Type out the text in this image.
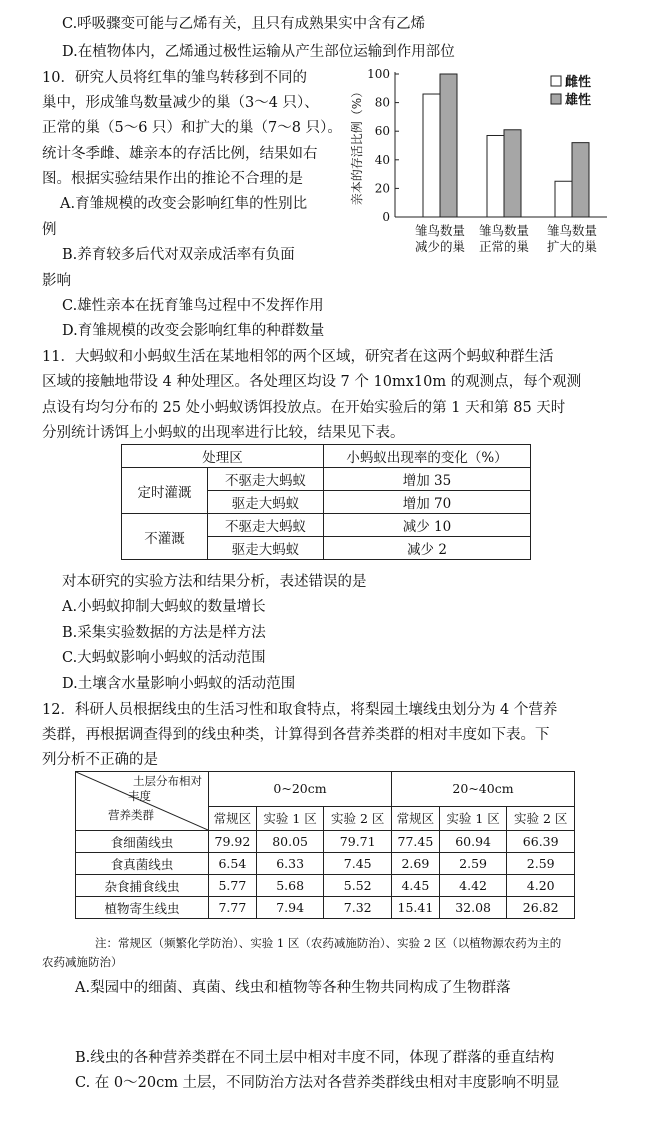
C.呼吸骤变可能与乙烯有关，且只有成熟果实中含有乙烯
D.在植物体内，乙烯通过极性运输从产生部位运输到作用部位
10．研究人员将红隼的雏鸟转移到不同的
巢中，形成雏鸟数量减少的巢（3～4 只）、
正常的巢（5～6 只）和扩大的巢（7～8 只）。
统计冬季雌、雄亲本的存活比例，结果如右
图。根据实验结果作出的推论不合理的是
A.育雏规模的改变会影响红隼的性别比
例
B.养育较多后代对双亲成活率有负面
影响
C.雄性亲本在抚育雏鸟过程中不发挥作用
D.育雏规模的改变会影响红隼的种群数量
0
20
40
60
80
100
亲本的存活比例（%）
雏鸟数量
减少的巢
雏鸟数量
正常的巢
雏鸟数量
扩大的巢
雌性
雄性
11．大蚂蚁和小蚂蚁生活在某地相邻的两个区域，研究者在这两个蚂蚁种群生活
区域的接触地带设 4 种处理区。各处理区均设 7 个 10mx10m 的观测点，每个观测
点设有均匀分布的 25 处小蚂蚁诱饵投放点。在开始实验后的第 1 天和第 85 天时
分别统计诱饵上小蚂蚁的出现率进行比较，结果见下表。
处理区		小蚂蚁出现率的变化（%）
定时灌溉	不驱走大蚂蚁	增加 35
	驱走大蚂蚁	增加 70
不灌溉	不驱走大蚂蚁	减少 10
	驱走大蚂蚁	减少 2
对本研究的实验方法和结果分析，表述错误的是
A.小蚂蚁抑制大蚂蚁的数量增长
B.采集实验数据的方法是样方法
C.大蚂蚁影响小蚂蚁的活动范围
D.土壤含水量影响小蚂蚁的活动范围
12．科研人员根据线虫的生活习性和取食特点，将梨园土壤线虫划分为 4 个营养
类群，再根据调查得到的线虫种类，计算得到各营养类群的相对丰度如下表。下
列分析不正确的是
土层分布相对
丰度
营养类群	0~20cm			20~40cm		
	常规区	实验 1 区	实验 2 区	常规区	实验 1 区	实验 2 区
食细菌线虫	79.92	80.05	79.71	77.45	60.94	66.39
食真菌线虫	6.54	6.33	7.45	2.69	2.59	2.59
杂食捕食线虫	5.77	5.68	5.52	4.45	4.42	4.20
植物寄生线虫	7.77	7.94	7.32	15.41	32.08	26.82
注：常规区（频繁化学防治）、实验 1 区（农药减施防治）、实验 2 区（以植物源农药为主的
农药减施防治）
A.梨园中的细菌、真菌、线虫和植物等各种生物共同构成了生物群落
B.线虫的各种营养类群在不同土层中相对丰度不同，体现了群落的垂直结构
C. 在 0～20cm 土层，不同防治方法对各营养类群线虫相对丰度影响不明显
